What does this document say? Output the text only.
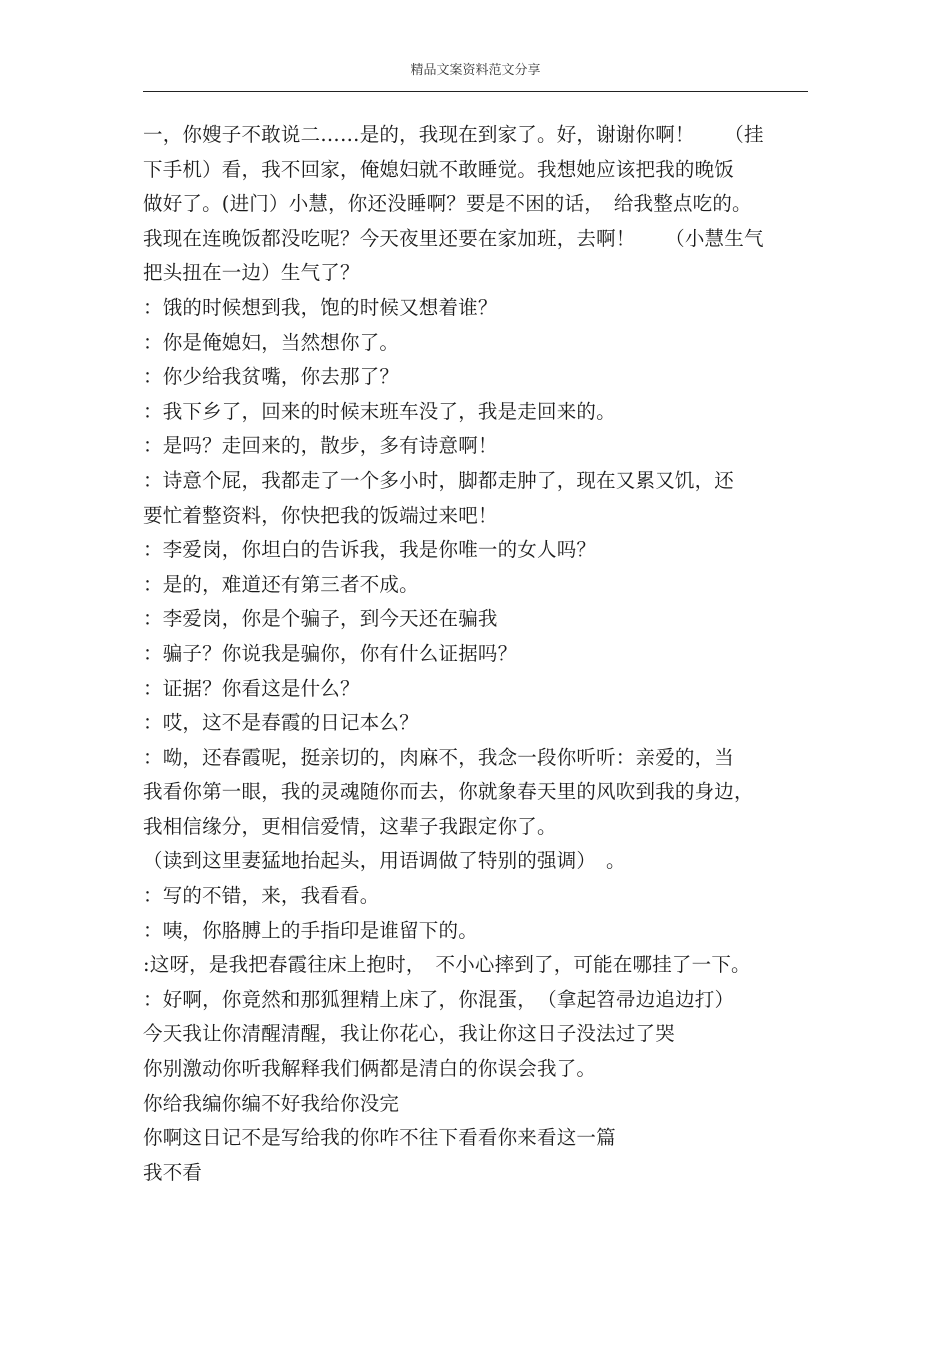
精品文案资料范文分享
一，你嫂子不敢说二……是的，我现在到家了。好，谢谢你啊！　　（挂
下手机）看，我不回家，俺媳妇就不敢睡觉。我想她应该把我的晚饭
做好了。(进门）小慧，你还没睡啊？要是不困的话，　给我整点吃的。
我现在连晚饭都没吃呢？今天夜里还要在家加班，去啊！　　（小慧生气
把头扭在一边）生气了？
：饿的时候想到我，饱的时候又想着谁？
：你是俺媳妇，当然想你了。
：你少给我贫嘴，你去那了？
：我下乡了，回来的时候末班车没了，我是走回来的。
：是吗？走回来的，散步，多有诗意啊！
：诗意个屁，我都走了一个多小时，脚都走肿了，现在又累又饥，还
要忙着整资料，你快把我的饭端过来吧！
：李爱岗，你坦白的告诉我，我是你唯一的女人吗？
：是的，难道还有第三者不成。
：李爱岗，你是个骗子，到今天还在骗我
：骗子？你说我是骗你，你有什么证据吗？
：证据？你看这是什么？
：哎，这不是春霞的日记本么？
：呦，还春霞呢，挺亲切的，肉麻不，我念一段你听听：亲爱的，当
我看你第一眼，我的灵魂随你而去，你就象春天里的风吹到我的身边，
我相信缘分，更相信爱情，这辈子我跟定你了。
（读到这里妻猛地抬起头，用语调做了特别的强调）　。
：写的不错，来，我看看。
：咦，你胳膊上的手指印是谁留下的。
:这呀，是我把春霞往床上抱时，　不小心摔到了，可能在哪挂了一下。
：好啊，你竟然和那狐狸精上床了，你混蛋，　（拿起笤帚边追边打）
今天我让你清醒清醒，我让你花心，我让你这日子没法过了哭
你别激动你听我解释我们俩都是清白的你误会我了。
你给我编你编不好我给你没完
你啊这日记不是写给我的你咋不往下看看你来看这一篇
我不看
